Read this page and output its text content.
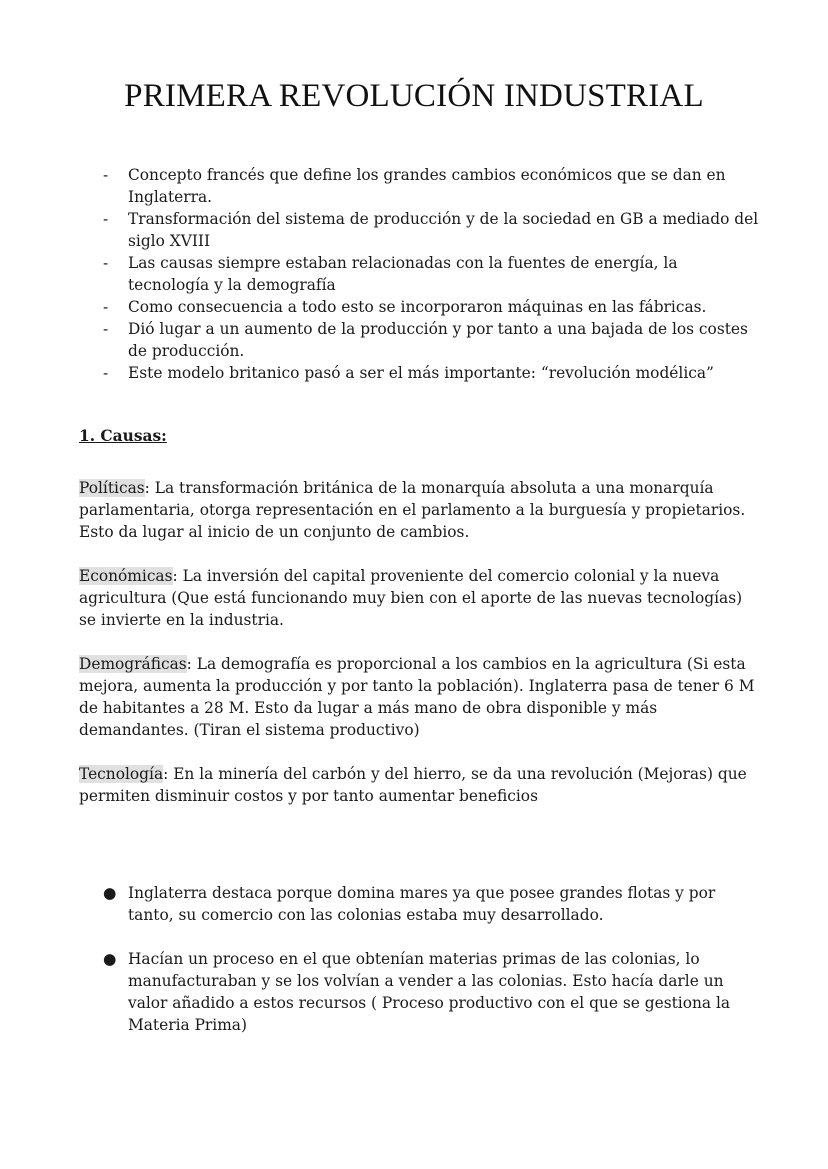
PRIMERA REVOLUCIÓN INDUSTRIAL
- Concepto francés que define los grandes cambios económicos que se dan en Inglaterra.
- Transformación del sistema de producción y de la sociedad en GB a mediado del siglo XVIII
- Las causas siempre estaban relacionadas con la fuentes de energía, la tecnología y la demografía
- Como consecuencia a todo esto se incorporaron máquinas en las fábricas.
- Dió lugar a un aumento de la producción y por tanto a una bajada de los costes de producción.
- Este modelo britanico pasó a ser el más importante: “revolución modélica”
1. Causas:

Políticas: La transformación británica de la monarquía absoluta a una monarquía parlamentaria, otorga representación en el parlamento a la burguesía y propietarios. Esto da lugar al inicio de un conjunto de cambios.

Económicas: La inversión del capital proveniente del comercio colonial y la nueva agricultura (Que está funcionando muy bien con el aporte de las nuevas tecnologías) se invierte en la industria.

Demográficas: La demografía es proporcional a los cambios en la agricultura (Si esta mejora, aumenta la producción y por tanto la población). Inglaterra pasa de tener 6 M de habitantes a 28 M. Esto da lugar a más mano de obra disponible y más demandantes. (Tiran el sistema productivo)

Tecnología: En la minería del carbón y del hierro, se da una revolución (Mejoras) que permiten disminuir costos y por tanto aumentar beneficios

● Inglaterra destaca porque domina mares ya que posee grandes flotas y por tanto, su comercio con las colonias estaba muy desarrollado.
● Hacían un proceso en el que obtenían materias primas de las colonias, lo manufacturaban y se los volvían a vender a las colonias. Esto hacía darle un valor añadido a estos recursos ( Proceso productivo con el que se gestiona la Materia Prima)
